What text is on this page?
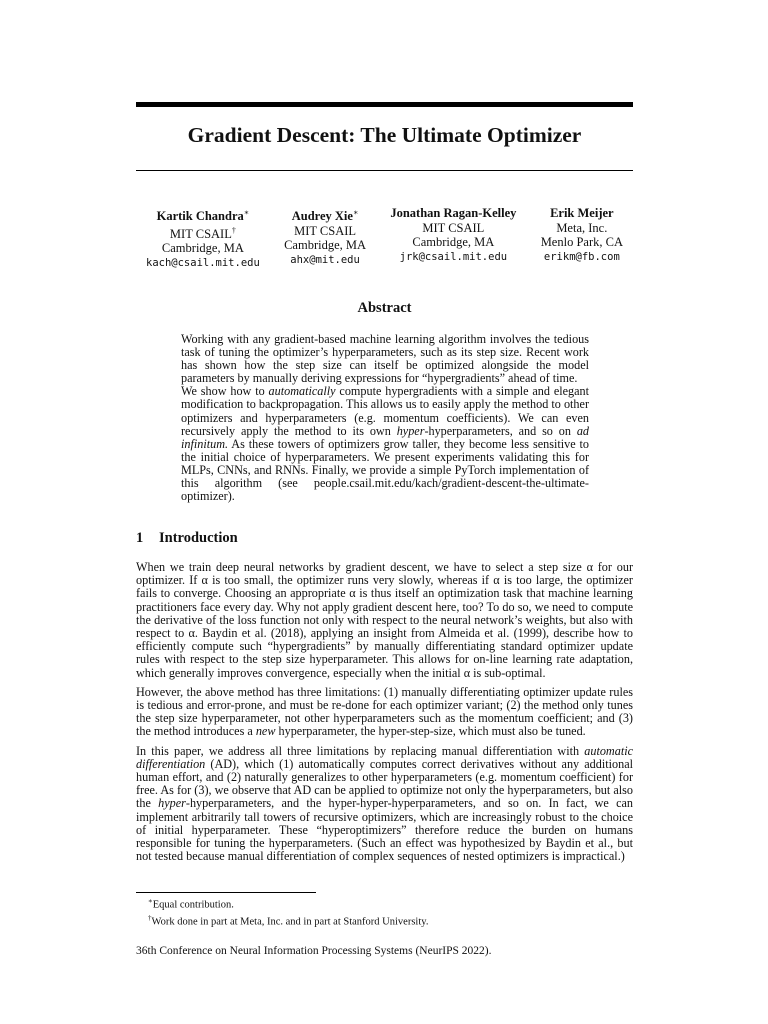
Gradient Descent: The Ultimate Optimizer
Kartik Chandra∗
MIT CSAIL†
Cambridge, MA
kach@csail.mit.edu
Audrey Xie∗
MIT CSAIL
Cambridge, MA
ahx@mit.edu
Jonathan Ragan-Kelley
MIT CSAIL
Cambridge, MA
jrk@csail.mit.edu
Erik Meijer
Meta, Inc.
Menlo Park, CA
erikm@fb.com
Abstract

Working with any gradient-based machine learning algorithm involves the tedious task of tuning the optimizer’s hyperparameters, such as its step size. Recent work has shown how the step size can itself be optimized alongside the model parameters by manually deriving expressions for “hypergradients” ahead of time.

We show how to automatically compute hypergradients with a simple and elegant modification to backpropagation. This allows us to easily apply the method to other optimizers and hyperparameters (e.g. momentum coefficients). We can even recursively apply the method to its own hyper-hyperparameters, and so on ad infinitum. As these towers of optimizers grow taller, they become less sensitive to the initial choice of hyperparameters. We present experiments validating this for MLPs, CNNs, and RNNs. Finally, we provide a simple PyTorch implementation of this algorithm (see people.csail.mit.edu/kach/gradient-descent-the-ultimate-optimizer).

1 Introduction

When we train deep neural networks by gradient descent, we have to select a step size α for our optimizer. If α is too small, the optimizer runs very slowly, whereas if α is too large, the optimizer fails to converge. Choosing an appropriate α is thus itself an optimization task that machine learning practitioners face every day. Why not apply gradient descent here, too? To do so, we need to compute the derivative of the loss function not only with respect to the neural network’s weights, but also with respect to α. Baydin et al. (2018), applying an insight from Almeida et al. (1999), describe how to efficiently compute such “hypergradients” by manually differentiating standard optimizer update rules with respect to the step size hyperparameter. This allows for on-line learning rate adaptation, which generally improves convergence, especially when the initial α is sub-optimal.

However, the above method has three limitations: (1) manually differentiating optimizer update rules is tedious and error-prone, and must be re-done for each optimizer variant; (2) the method only tunes the step size hyperparameter, not other hyperparameters such as the momentum coefficient; and (3) the method introduces a new hyperparameter, the hyper-step-size, which must also be tuned.

In this paper, we address all three limitations by replacing manual differentiation with automatic differentiation (AD), which (1) automatically computes correct derivatives without any additional human effort, and (2) naturally generalizes to other hyperparameters (e.g. momentum coefficient) for free. As for (3), we observe that AD can be applied to optimize not only the hyperparameters, but also the hyper-hyperparameters, and the hyper-hyper-hyperparameters, and so on. In fact, we can implement arbitrarily tall towers of recursive optimizers, which are increasingly robust to the choice of initial hyperparameter. These “hyperoptimizers” therefore reduce the burden on humans responsible for tuning the hyperparameters. (Such an effect was hypothesized by Baydin et al., but not tested because manual differentiation of complex sequences of nested optimizers is impractical.)

∗Equal contribution.
†Work done in part at Meta, Inc. and in part at Stanford University.
36th Conference on Neural Information Processing Systems (NeurIPS 2022).
